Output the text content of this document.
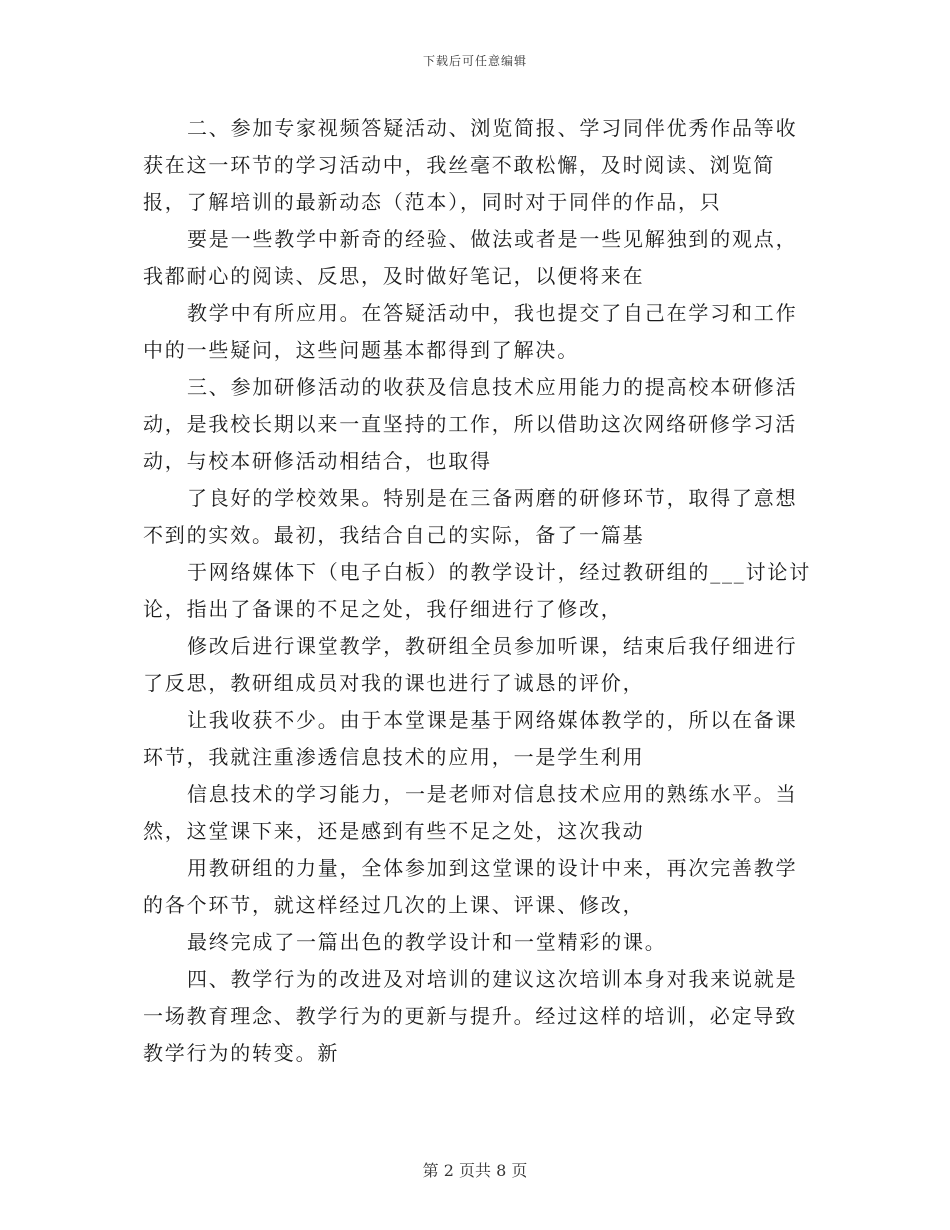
下载后可任意编辑

二、参加专家视频答疑活动、浏览简报、学习同伴优秀作品等收获在这一环节的学习活动中，我丝毫不敢松懈，及时阅读、浏览简报，了解培训的最新动态（范本），同时对于同伴的作品，只

要是一些教学中新奇的经验、做法或者是一些见解独到的观点，我都耐心的阅读、反思，及时做好笔记，以便将来在

教学中有所应用。在答疑活动中，我也提交了自己在学习和工作中的一些疑问，这些问题基本都得到了解决。

三、参加研修活动的收获及信息技术应用能力的提高校本研修活动，是我校长期以来一直坚持的工作，所以借助这次网络研修学习活动，与校本研修活动相结合，也取得

了良好的学校效果。特别是在三备两磨的研修环节，取得了意想不到的实效。最初，我结合自己的实际，备了一篇基

于网络媒体下（电子白板）的教学设计，经过教研组的___讨论讨论，指出了备课的不足之处，我仔细进行了修改，

修改后进行课堂教学，教研组全员参加听课，结束后我仔细进行了反思，教研组成员对我的课也进行了诚恳的评价，

让我收获不少。由于本堂课是基于网络媒体教学的，所以在备课环节，我就注重渗透信息技术的应用，一是学生利用

信息技术的学习能力，一是老师对信息技术应用的熟练水平。当然，这堂课下来，还是感到有些不足之处，这次我动

用教研组的力量，全体参加到这堂课的设计中来，再次完善教学的各个环节，就这样经过几次的上课、评课、修改，

最终完成了一篇出色的教学设计和一堂精彩的课。

四、教学行为的改进及对培训的建议这次培训本身对我来说就是一场教育理念、教学行为的更新与提升。经过这样的培训，必定导致教学行为的转变。新

第 2 页共 8 页
